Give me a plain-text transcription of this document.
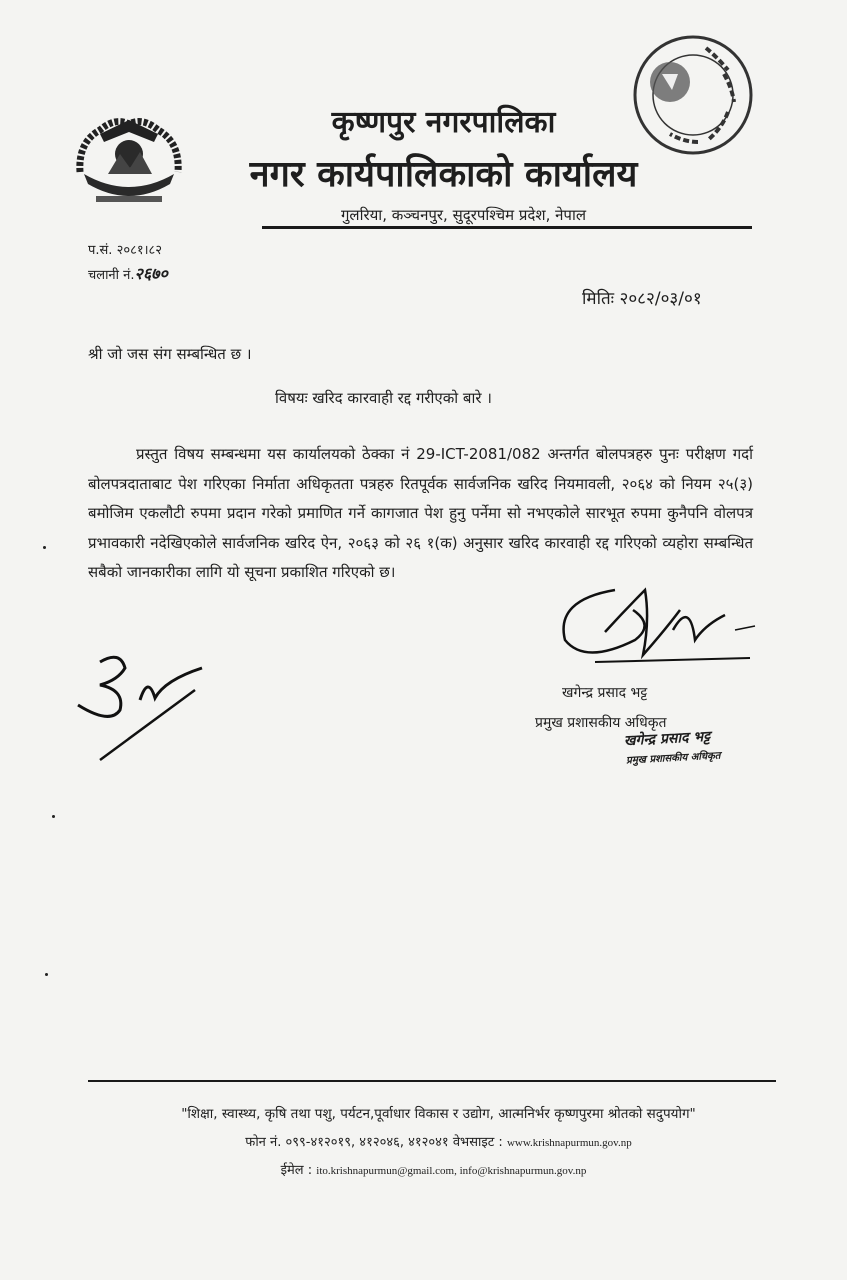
कृष्णपुर नगरपालिका
नगर कार्यपालिकाको कार्यालय
गुलरिया, कञ्चनपुर, सुदूरपश्चिम प्रदेश, नेपाल
प.सं. २०८१।८२
चलानी नं.२६७०
मितिः २०८२/०३/०१
श्री जो जस संग सम्बन्धित छ ।
विषयः खरिद कारवाही रद्द गरीएको बारे ।
प्रस्तुत विषय सम्बन्धमा यस कार्यालयको ठेक्का नं 29-ICT-2081/082 अन्तर्गत बोलपत्रहरु पुनः परीक्षण गर्दा बोलपत्रदाताबाट पेश गरिएका निर्माता अधिकृतता पत्रहरु रितपूर्वक सार्वजनिक खरिद नियमावली, २०६४ को नियम २५(३) बमोजिम एकलौटी रुपमा प्रदान गरेको प्रमाणित गर्ने कागजात पेश हुनु पर्नेमा सो नभएकोले सारभूत रुपमा कुनैपनि वोलपत्र प्रभावकारी नदेखिएकोले सार्वजनिक खरिद ऐन, २०६३ को २६ १(क) अनुसार खरिद कारवाही रद्द गरिएको व्यहोरा सम्बन्धित सबैको जानकारीका लागि यो सूचना प्रकाशित गरिएको छ।
खगेन्द्र प्रसाद भट्ट
प्रमुख प्रशासकीय अधिकृत
खगेन्द्र प्रसाद भट्ट
प्रमुख प्रशासकीय अधिकृत
"शिक्षा, स्वास्थ्य, कृषि तथा पशु, पर्यटन,पूर्वाधार विकास र उद्योग, आत्मनिर्भर कृष्णपुरमा श्रोतको सदुपयोग"
फोन नं. ०९९-४१२०१९, ४१२०४६, ४१२०४१ वेभसाइट : www.krishnapurmun.gov.np
ईमेल : ito.krishnapurmun@gmail.com, info@krishnapurmun.gov.np
